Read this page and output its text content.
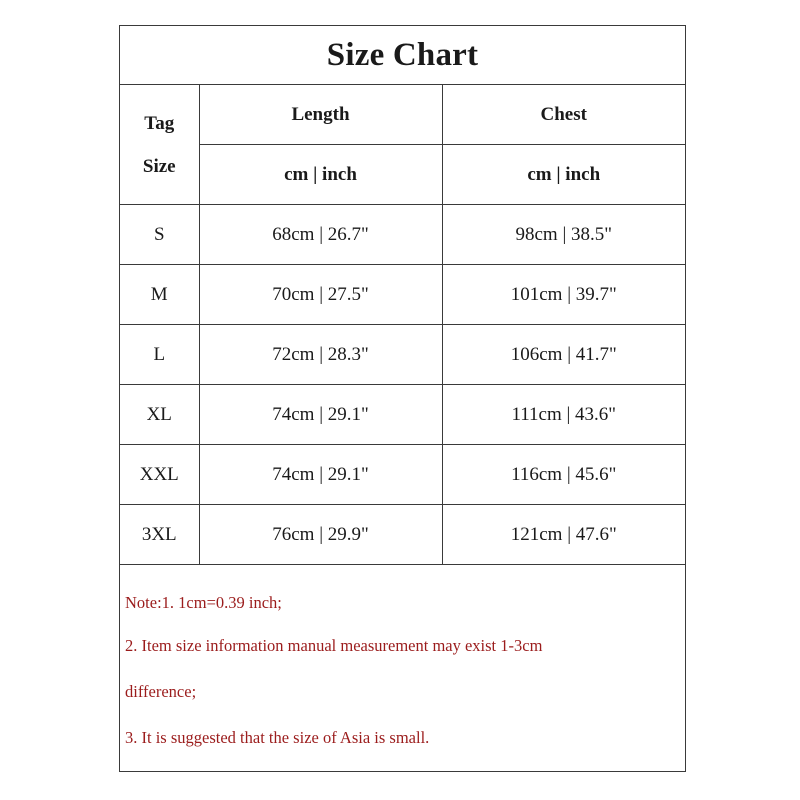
Size Chart
Tag
Size	Length	Chest
	cm | inch	cm | inch
S	68cm | 26.7"	98cm | 38.5"
M	70cm | 27.5"	101cm | 39.7"
L	72cm | 28.3"	106cm | 41.7"
XL	74cm | 29.1"	111cm | 43.6"
XXL	74cm | 29.1"	116cm | 45.6"
3XL	76cm | 29.9"	121cm | 47.6"
Note:1. 1cm=0.39 inch;
2. Item size information manual measurement may exist 1-3cm
difference;
3. It is suggested that the size of Asia is small.
